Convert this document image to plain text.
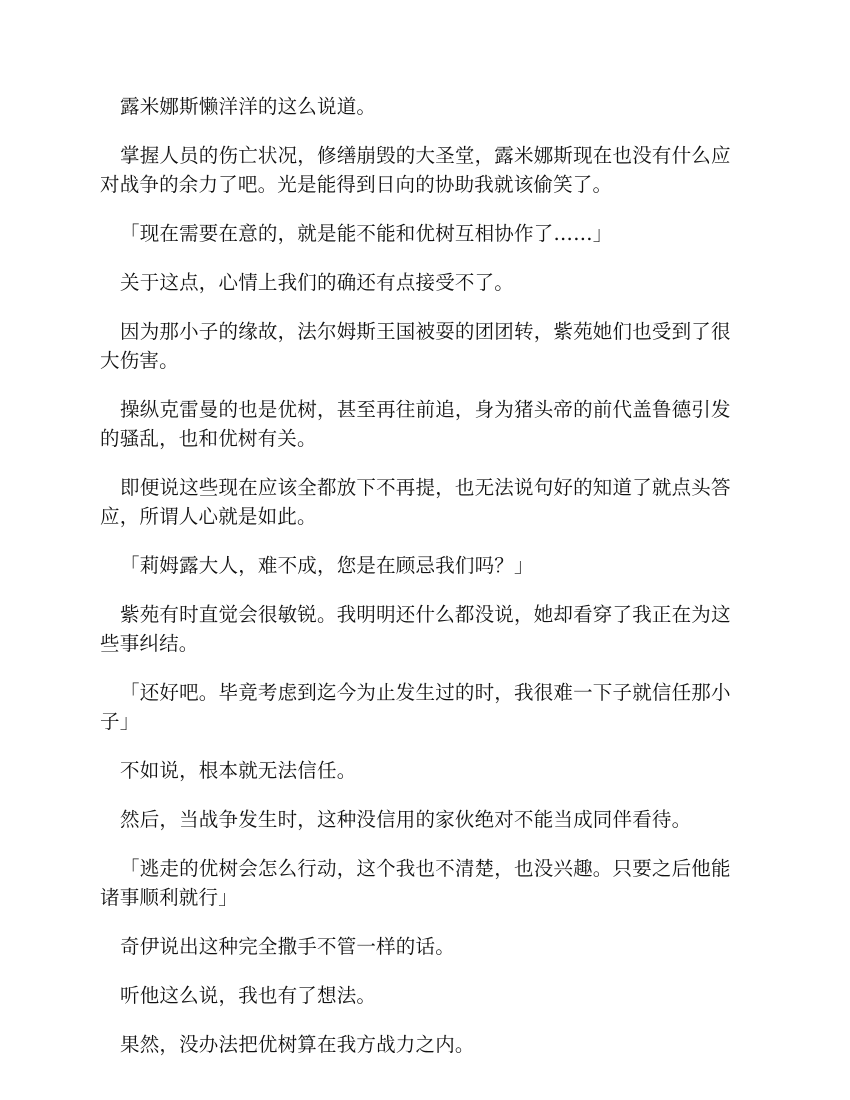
露米娜斯懒洋洋的这么说道。

掌握人员的伤亡状况，修缮崩毁的大圣堂，露米娜斯现在也没有什么应对战争的余力了吧。光是能得到日向的协助我就该偷笑了。

「现在需要在意的，就是能不能和优树互相协作了……」

关于这点，心情上我们的确还有点接受不了。

因为那小子的缘故，法尔姆斯王国被耍的团团转，紫苑她们也受到了很大伤害。

操纵克雷曼的也是优树，甚至再往前追，身为猪头帝的前代盖鲁德引发的骚乱，也和优树有关。

即便说这些现在应该全都放下不再提，也无法说句好的知道了就点头答应，所谓人心就是如此。

「莉姆露大人，难不成，您是在顾忌我们吗？」

紫苑有时直觉会很敏锐。我明明还什么都没说，她却看穿了我正在为这些事纠结。

「还好吧。毕竟考虑到迄今为止发生过的时，我很难一下子就信任那小子」

不如说，根本就无法信任。

然后，当战争发生时，这种没信用的家伙绝对不能当成同伴看待。

「逃走的优树会怎么行动，这个我也不清楚，也没兴趣。只要之后他能诸事顺利就行」

奇伊说出这种完全撒手不管一样的话。

听他这么说，我也有了想法。

果然，没办法把优树算在我方战力之内。
